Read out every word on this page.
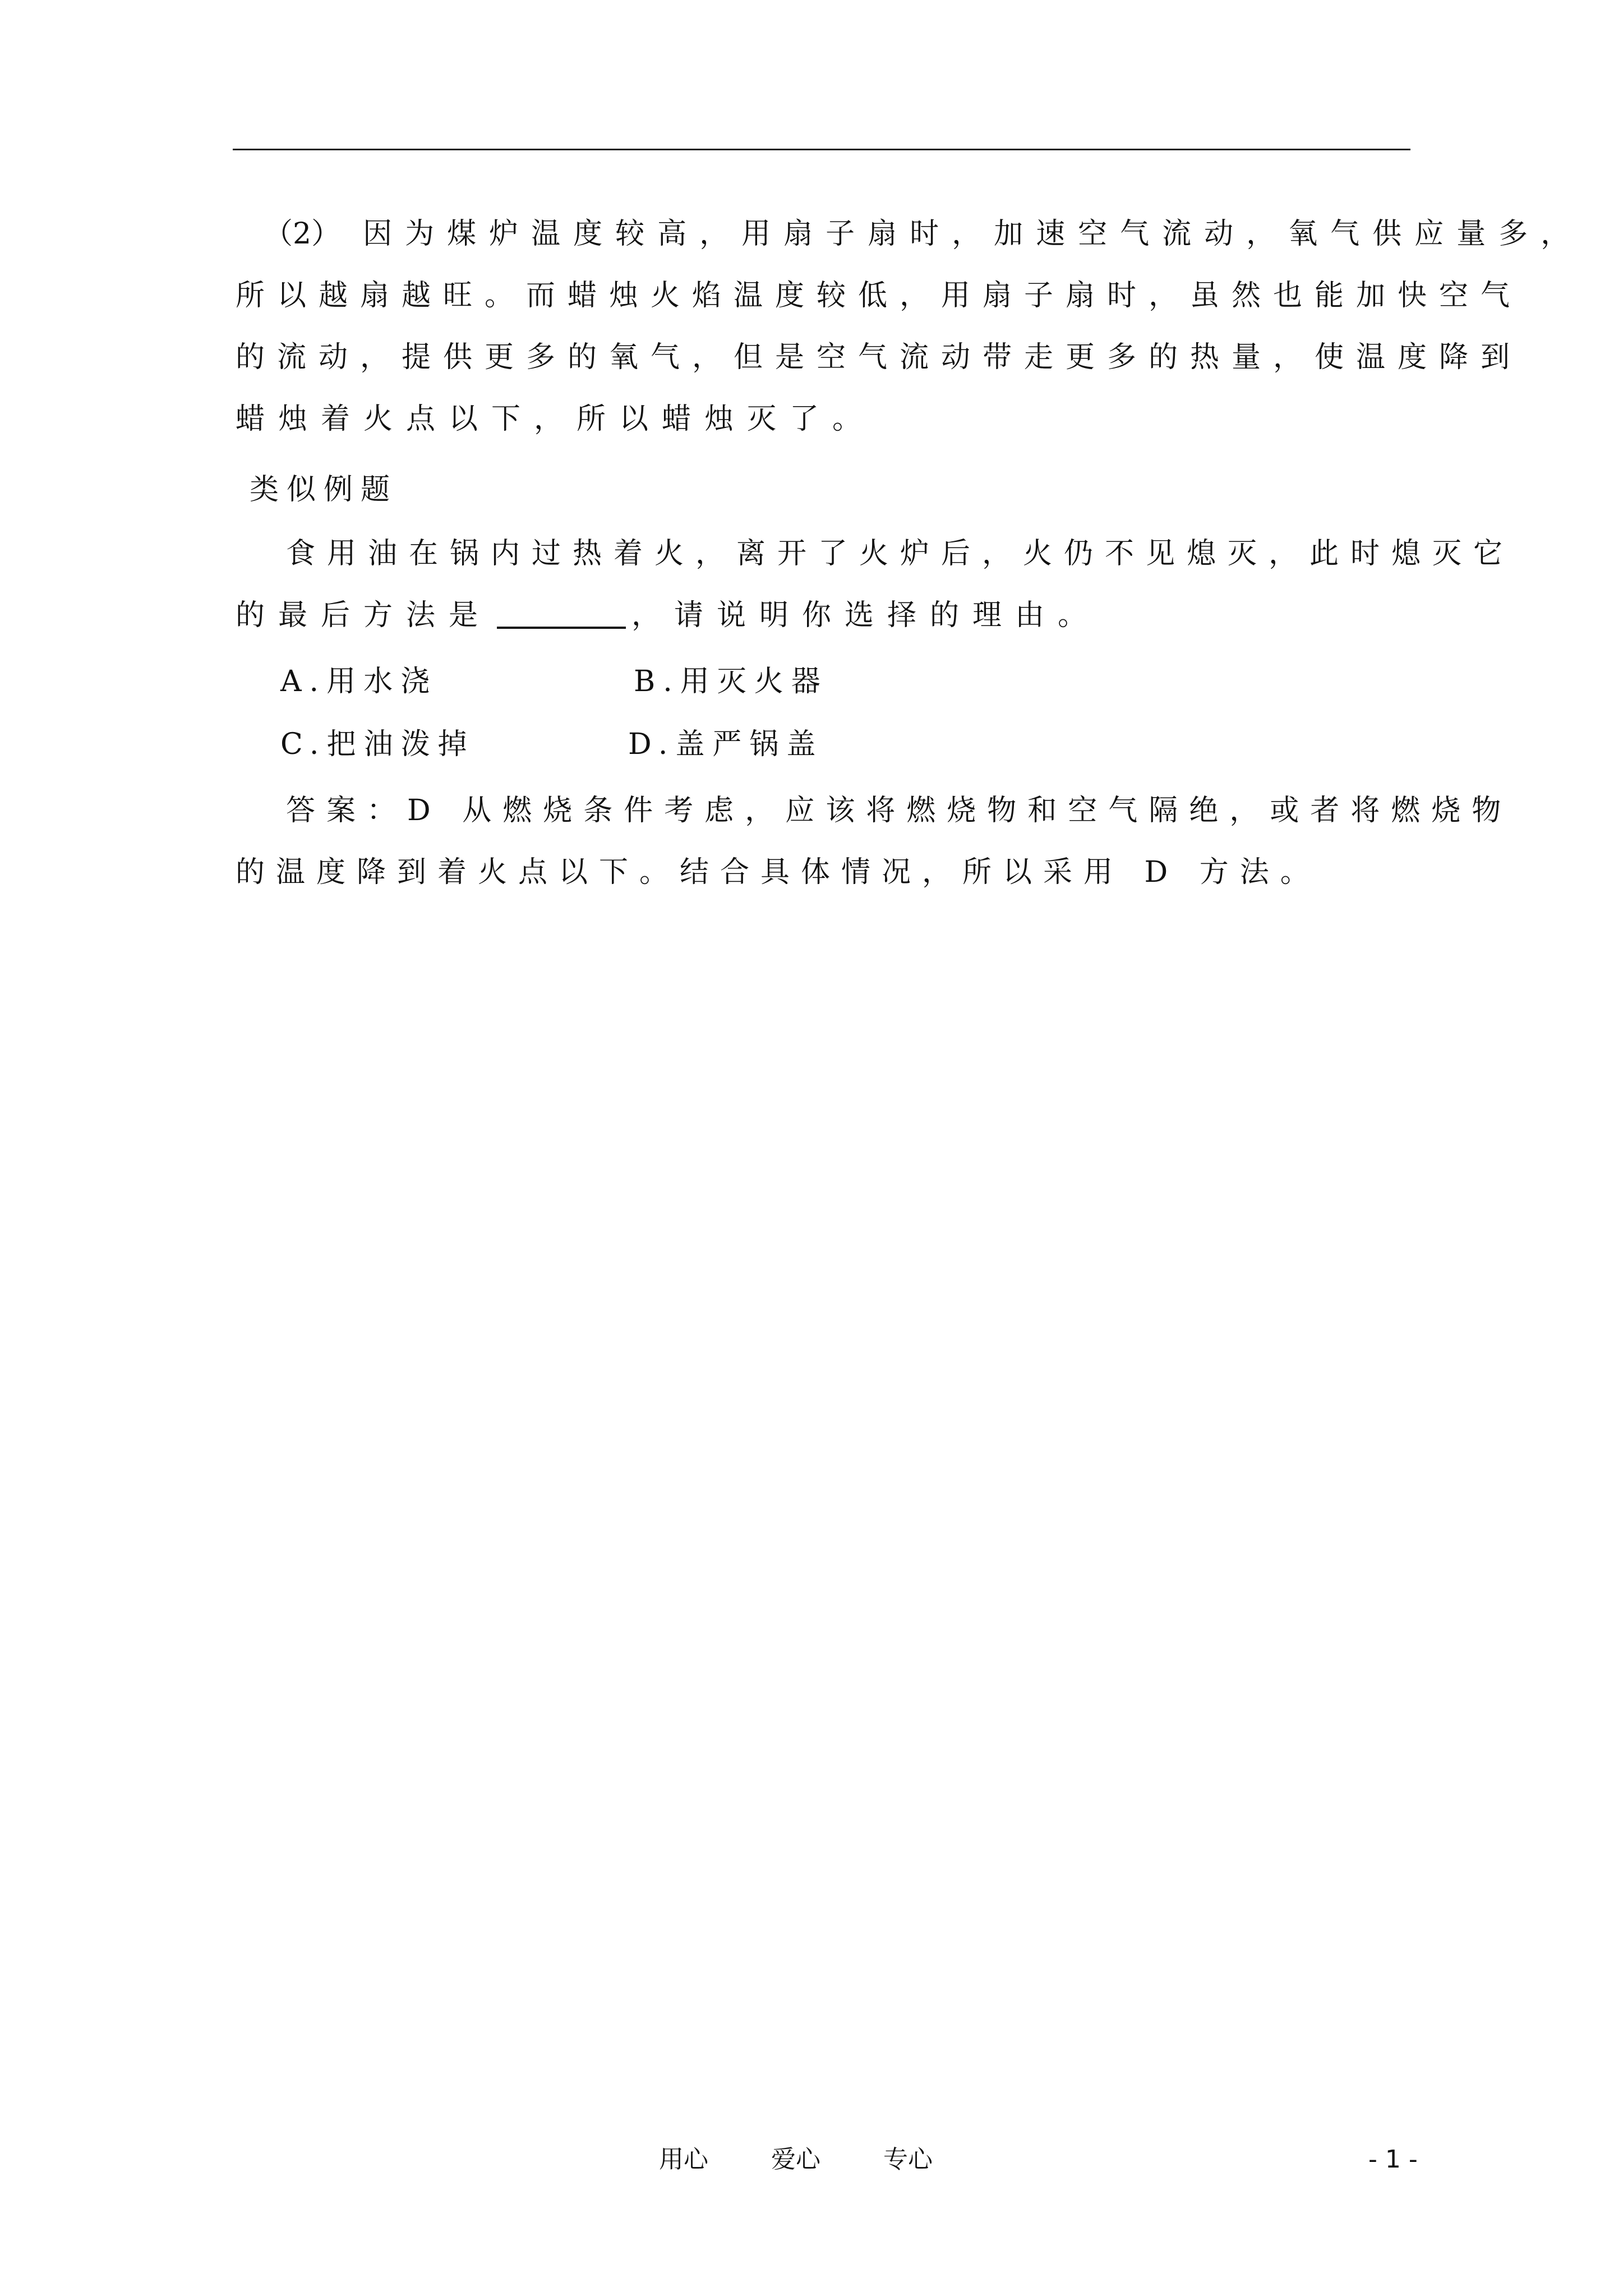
（2） 因为煤炉温度较高，用扇子扇时，加速空气流动，氧气供应量多，
所以越扇越旺。而蜡烛火焰温度较低，用扇子扇时，虽然也能加快空气
的流动，提供更多的氧气，但是空气流动带走更多的热量，使温度降到
蜡烛着火点以下，所以蜡烛灭了。
类似例题
食用油在锅内过热着火，离开了火炉后，火仍不见熄灭，此时熄灭它
的最后方法是	，请说明你选择的理由。
A.用水浇	B.用灭火器
C.把油泼掉	D.盖严锅盖
答案：D 从燃烧条件考虑，应该将燃烧物和空气隔绝，或者将燃烧物
的温度降到着火点以下。结合具体情况，所以采用 D 方法。
用心	爱心	专心	- 1 -
